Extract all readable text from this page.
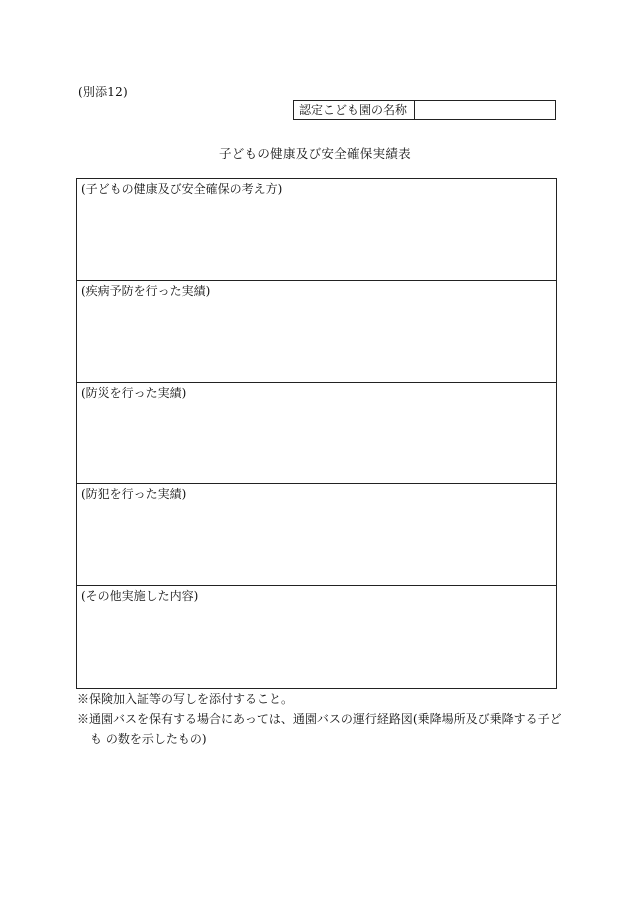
(別添12)
認定こども園の名称
子どもの健康及び安全確保実績表
(子どもの健康及び安全確保の考え方)
(疾病予防を行った実績)
(防災を行った実績)
(防犯を行った実績)
(その他実施した内容)
※保険加入証等の写しを添付すること。
※通園バスを保有する場合にあっては、通園バスの運行経路図(乗降場所及び乗降する子ども の数を示したもの)
